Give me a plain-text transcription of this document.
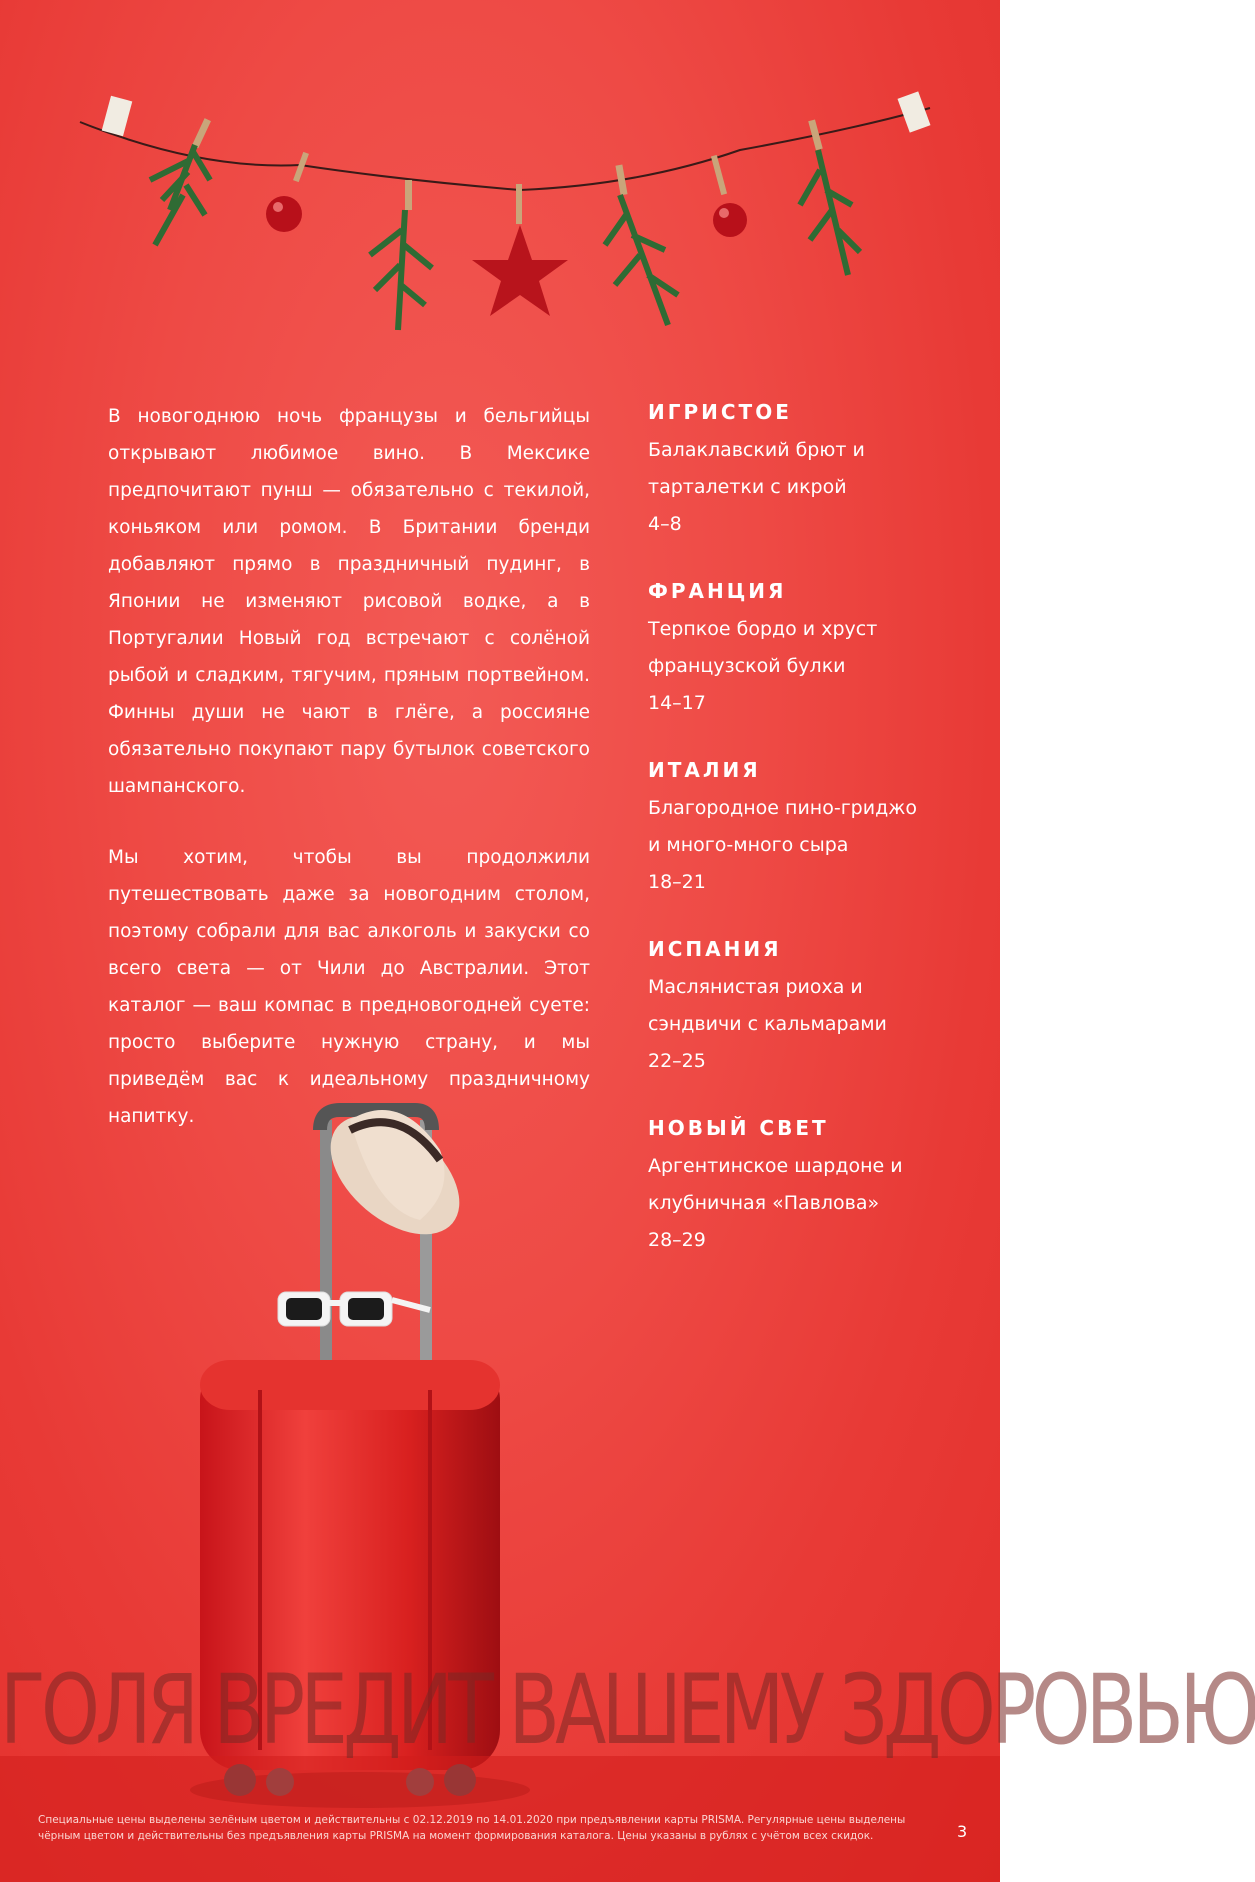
В новогоднюю ночь французы и бельгийцы открывают любимое вино. В Мексике предпочитают пунш — обязательно с текилой, коньяком или ромом. В Британии бренди добавляют прямо в праздничный пудинг, в Японии не изменяют рисовой водке, а в Португалии Новый год встречают с солёной рыбой и сладким, тягучим, пряным портвейном. Финны души не чают в глёге, а россияне обязательно покупают пару бутылок советского шампанского.

Мы хотим, чтобы вы продолжили путешествовать даже за новогодним столом, поэтому собрали для вас алкоголь и закуски со всего света — от Чили до Австралии. Этот каталог — ваш компас в предновогодней суете: просто выберите нужную страну, и мы приведём вас к идеальному праздничному напитку.

ИГРИСТОЕ
Балаклавский брют и
тарталетки с икрой
4–8
ФРАНЦИЯ
Терпкое бордо и хруст
французской булки
14–17
ИТАЛИЯ
Благородное пино-гриджо
и много-много сыра
18–21
ИСПАНИЯ
Маслянистая риоха и
сэндвичи с кальмарами
22–25
НОВЫЙ СВЕТ
Аргентинское шардоне и
клубничная «Павлова»
28–29
ГОЛЯ ВРЕДИТ ВАШЕМУ ЗДОРОВЬЮ
Специальные цены выделены зелёным цветом и действительны с 02.12.2019 по 14.01.2020 при предъявлении карты PRISMA. Регулярные цены выделены
чёрным цветом и действительны без предъявления карты PRISMA на момент формирования каталога. Цены указаны в рублях с учётом всех скидок.	3
